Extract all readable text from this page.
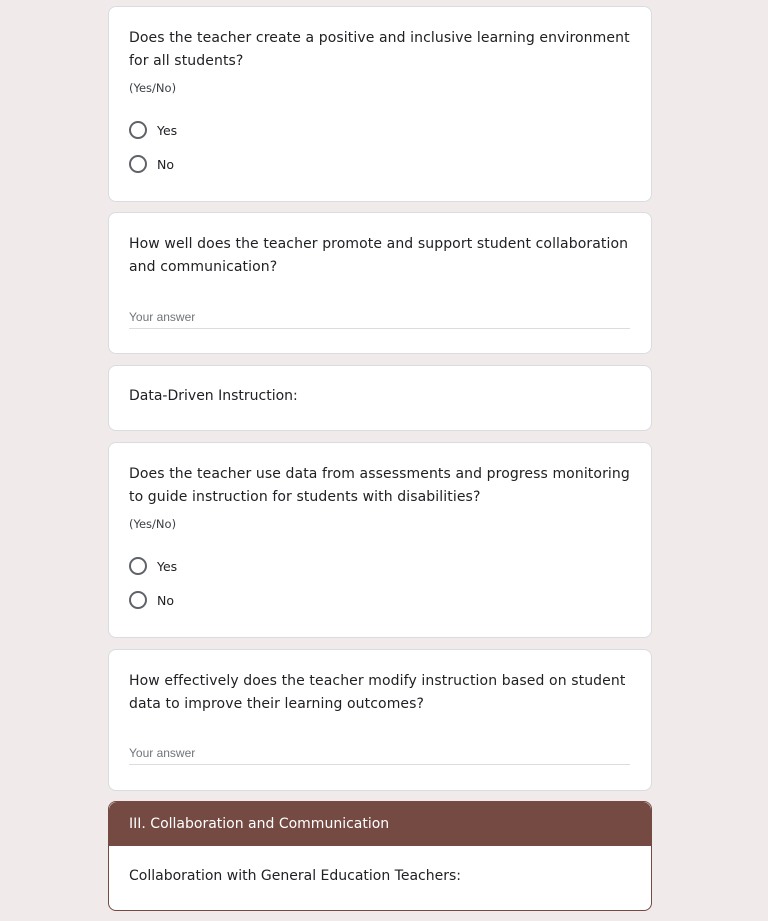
Does the teacher create a positive and inclusive learning environment for all students?
(Yes/No)
Yes
No
How well does the teacher promote and support student collaboration and communication?
Your answer
Data-Driven Instruction:
Does the teacher use data from assessments and progress monitoring to guide instruction for students with disabilities?
(Yes/No)
Yes
No
How effectively does the teacher modify instruction based on student data to improve their learning outcomes?
Your answer
III. Collaboration and Communication
Collaboration with General Education Teachers:
